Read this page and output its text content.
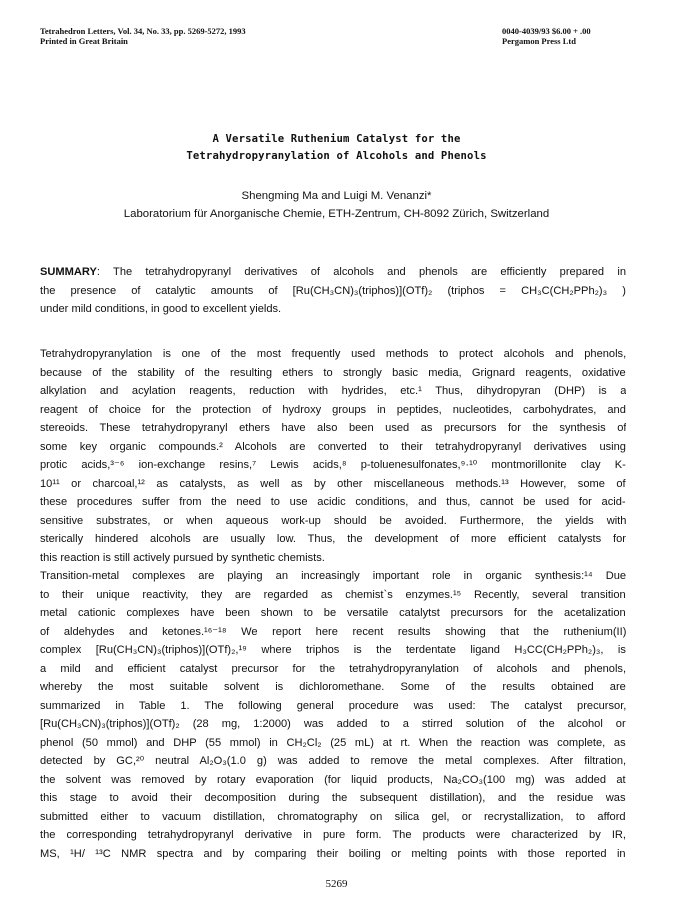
Tetrahedron Letters, Vol. 34, No. 33, pp. 5269-5272, 1993
Printed in Great Britain
0040-4039/93 $6.00 + .00
Pergamon Press Ltd
A Versatile Ruthenium Catalyst for the
Tetrahydropyranylation of Alcohols and Phenols
Shengming Ma and Luigi M. Venanzi*
Laboratorium für Anorganische Chemie, ETH-Zentrum, CH-8092 Zürich, Switzerland
SUMMARY: The tetrahydropyranyl derivatives of alcohols and phenols are efficiently prepared in
the presence of catalytic amounts of [Ru(CH₃CN)₃(triphos)](OTf)₂ (triphos = CH₃C(CH₂PPh₂)₃ )
under mild conditions, in good to excellent yields.
Tetrahydropyranylation is one of the most frequently used methods to protect alcohols and phenols,
because of the stability of the resulting ethers to strongly basic media, Grignard reagents, oxidative
alkylation and acylation reagents, reduction with hydrides, etc.¹ Thus, dihydropyran (DHP) is a
reagent of choice for the protection of hydroxy groups in peptides, nucleotides, carbohydrates, and
stereoids. These tetrahydropyranyl ethers have also been used as precursors for the synthesis of
some key organic compounds.² Alcohols are converted to their tetrahydropyranyl derivatives using
protic acids,³⁻⁶ ion-exchange resins,⁷ Lewis acids,⁸ p-toluenesulfonates,⁹·¹⁰ montmorillonite clay K-
10¹¹ or charcoal,¹² as catalysts, as well as by other miscellaneous methods.¹³ However, some of
these procedures suffer from the need to use acidic conditions, and thus, cannot be used for acid-
sensitive substrates, or when aqueous work-up should be avoided. Furthermore, the yields with
sterically hindered alcohols are usually low. Thus, the development of more efficient catalysts for
this reaction is still actively pursued by synthetic chemists.
Transition-metal complexes are playing an increasingly important role in organic synthesis:¹⁴ Due
to their unique reactivity, they are regarded as chemist`s enzymes.¹⁵ Recently, several transition
metal cationic complexes have been shown to be versatile catalytst precursors for the acetalization
of aldehydes and ketones.¹⁶⁻¹⁸ We report here recent results showing that the ruthenium(II)
complex [Ru(CH₃CN)₃(triphos)](OTf)₂,¹⁹ where triphos is the terdentate ligand H₃CC(CH₂PPh₂)₃, is
a mild and efficient catalyst precursor for the tetrahydropyranylation of alcohols and phenols,
whereby the most suitable solvent is dichloromethane. Some of the results obtained are
summarized in Table 1. The following general procedure was used: The catalyst precursor,
[Ru(CH₃CN)₃(triphos)](OTf)₂ (28 mg, 1:2000) was added to a stirred solution of the alcohol or
phenol (50 mmol) and DHP (55 mmol) in CH₂Cl₂ (25 mL) at rt. When the reaction was complete, as
detected by GC,²⁰ neutral Al₂O₃(1.0 g) was added to remove the metal complexes. After filtration,
the solvent was removed by rotary evaporation (for liquid products, Na₂CO₃(100 mg) was added at
this stage to avoid their decomposition during the subsequent distillation), and the residue was
submitted either to vacuum distillation, chromatography on silica gel, or recrystallization, to afford
the corresponding tetrahydropyranyl derivative in pure form. The products were characterized by IR,
MS, ¹H/ ¹³C NMR spectra and by comparing their boiling or melting points with those reported in
5269
